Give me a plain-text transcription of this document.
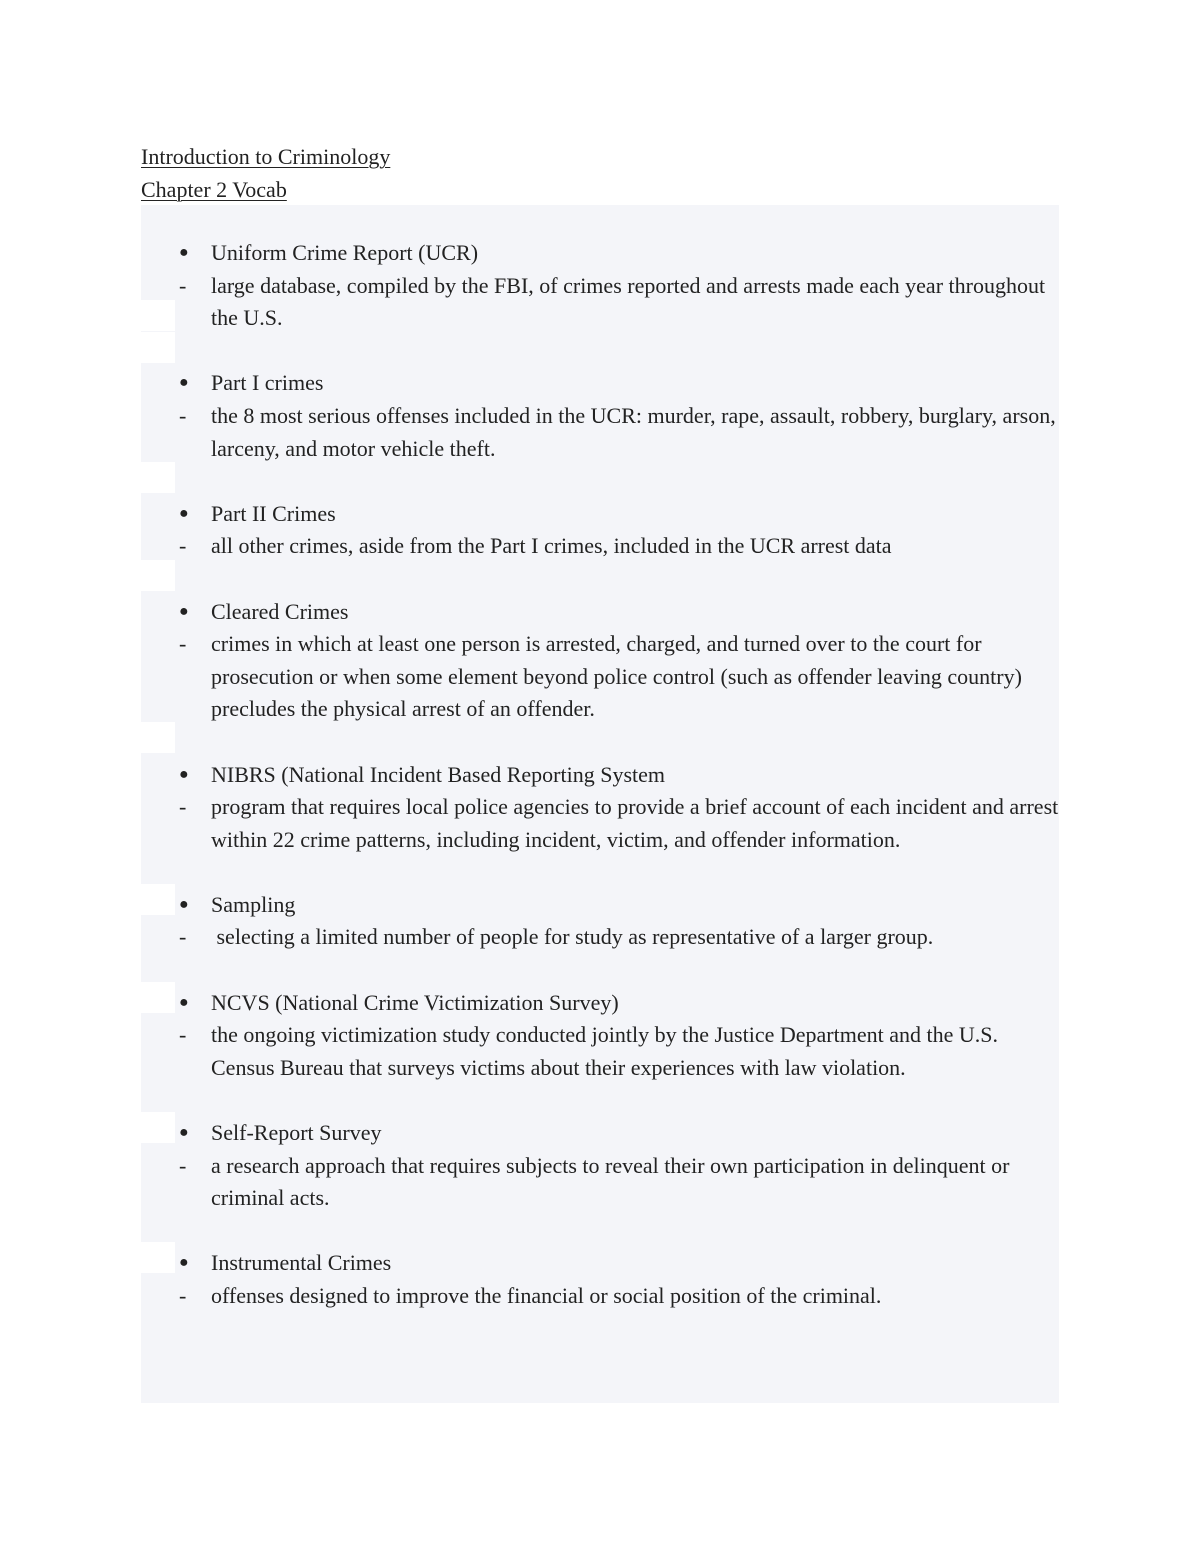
Introduction to Criminology
Chapter 2 Vocab
● Uniform Crime Report (UCR)
- large database, compiled by the FBI, of crimes reported and arrests made each year throughout the U.S.
● Part I crimes
- the 8 most serious offenses included in the UCR: murder, rape, assault, robbery, burglary, arson, larceny, and motor vehicle theft.
● Part II Crimes
- all other crimes, aside from the Part I crimes, included in the UCR arrest data
● Cleared Crimes
- crimes in which at least one person is arrested, charged, and turned over to the court for prosecution or when some element beyond police control (such as offender leaving country) precludes the physical arrest of an offender.
● NIBRS (National Incident Based Reporting System
- program that requires local police agencies to provide a brief account of each incident and arrest within 22 crime patterns, including incident, victim, and offender information.
● Sampling
- selecting a limited number of people for study as representative of a larger group.
● NCVS (National Crime Victimization Survey)
- the ongoing victimization study conducted jointly by the Justice Department and the U.S. Census Bureau that surveys victims about their experiences with law violation.
● Self-Report Survey
- a research approach that requires subjects to reveal their own participation in delinquent or criminal acts.
● Instrumental Crimes
- offenses designed to improve the financial or social position of the criminal.
